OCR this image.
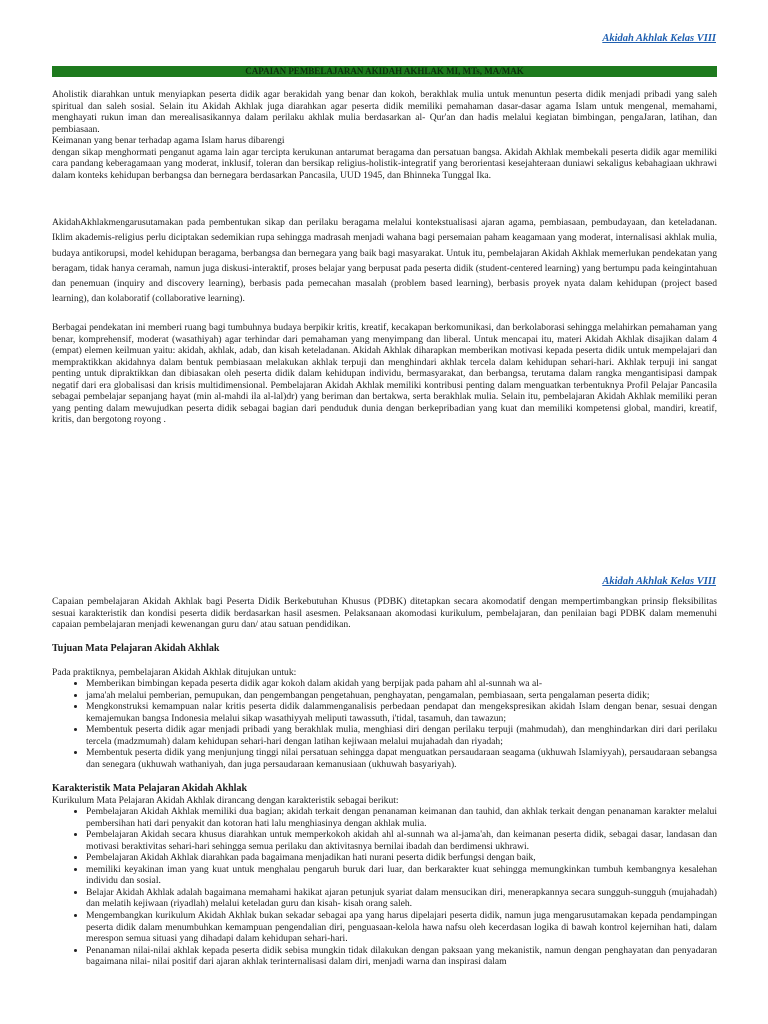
Akidah Akhlak Kelas VIII
CAPAIAN PEMBELAJARAN AKIDAH AKHLAK MI, MTs, MA/MAK

Aholistik diarahkan untuk menyiapkan peserta didik agar berakidah yang benar dan kokoh, berakhlak mulia untuk menuntun peserta didik menjadi pribadi yang saleh spiritual dan saleh sosial. Selain itu Akidah Akhlak juga diarahkan agar peserta didik memiliki pemahaman dasar-dasar agama Islam untuk mengenal, memahami, menghayati rukun iman dan merealisasikannya dalam perilaku akhlak mulia berdasarkan al- Qur'an dan hadis melalui kegiatan bimbingan, pengaJaran, latihan, dan pembiasaan.

Keimanan yang benar terhadap agama Islam harus dibarengi

dengan sikap menghormati penganut agama lain agar tercipta kerukunan antarumat beragama dan persatuan bangsa. Akidah Akhlak membekali peserta didik agar memiliki cara pandang keberagamaan yang moderat, inklusif, toleran dan bersikap religius-holistik-integratif yang berorientasi kesejahteraan duniawi sekaligus kebahagiaan ukhrawi dalam konteks kehidupan berbangsa dan bernegara berdasarkan Pancasila, UUD 1945, dan Bhinneka Tunggal Ika.

AkidahAkhlakmengarusutamakan pada pembentukan sikap dan perilaku beragama melalui kontekstualisasi ajaran agama, pembiasaan, pembudayaan, dan keteladanan. Iklim akademis-religius perlu diciptakan sedemikian rupa sehingga madrasah menjadi wahana bagi persemaian paham keagamaan yang moderat, internalisasi akhlak mulia, budaya antikorupsi, model kehidupan beragama, berbangsa dan bernegara yang baik bagi masyarakat. Untuk itu, pembelajaran Akidah Akhlak memerlukan pendekatan yang beragam, tidak hanya ceramah, namun juga diskusi-interaktif, proses belajar yang berpusat pada peserta didik (student-centered learning) yang bertumpu pada keingintahuan dan penemuan (inquiry and discovery learning), berbasis pada pemecahan masalah (problem based learning), berbasis proyek nyata dalam kehidupan (project based learning), dan kolaboratif (collaborative learning).

Berbagai pendekatan ini memberi ruang bagi tumbuhnya budaya berpikir kritis, kreatif, kecakapan berkomunikasi, dan berkolaborasi sehingga melahirkan pemahaman yang benar, komprehensif, moderat (wasathiyah) agar terhindar dari pemahaman yang menyimpang dan liberal. Untuk mencapai itu, materi Akidah Akhlak disajikan dalam 4 (empat) elemen keilmuan yaitu: akidah, akhlak, adab, dan kisah keteladanan. Akidah Akhlak diharapkan memberikan motivasi kepada peserta didik untuk mempelajari dan mempraktikkan akidahnya dalam bentuk pembiasaan melakukan akhlak terpuji dan menghindari akhlak tercela dalam kehidupan sehari-hari. Akhlak terpuji ini sangat penting untuk dipraktikkan dan dibiasakan oleh peserta didik dalam kehidupan individu, bermasyarakat, dan berbangsa, terutama dalam rangka mengantisipasi dampak negatif dari era globalisasi dan krisis multidimensional. Pembelajaran Akidah Akhlak memiliki kontribusi penting dalam menguatkan terbentuknya Profil Pelajar Pancasila sebagai pembelajar sepanjang hayat (min al-mahdi ila al-lal)dr) yang beriman dan bertakwa, serta berakhlak mulia. Selain itu, pembelajaran Akidah Akhlak memiliki peran yang penting dalam mewujudkan peserta didik sebagai bagian dari penduduk dunia dengan berkepribadian yang kuat dan memiliki kompetensi global, mandiri, kreatif, kritis, dan bergotong royong .

Akidah Akhlak Kelas VIII

Capaian pembelajaran Akidah Akhlak bagi Peserta Didik Berkebutuhan Khusus (PDBK) ditetapkan secara akomodatif dengan mempertimbangkan prinsip fleksibilitas sesuai karakteristik dan kondisi peserta didik berdasarkan hasil asesmen. Pelaksanaan akomodasi kurikulum, pembelajaran, dan penilaian bagi PDBK dalam memenuhi capaian pembelajaran menjadi kewenangan guru dan/ atau satuan pendidikan.

Tujuan Mata Pelajaran Akidah Akhlak

Pada praktiknya, pembelajaran Akidah Akhlak ditujukan untuk:

• Memberikan bimbingan kepada peserta didik agar kokoh dalam akidah yang berpijak pada paham ahl al-sunnah wa al-
• jama'ah melalui pemberian, pemupukan, dan pengembangan pengetahuan, penghayatan, pengamalan, pembiasaan, serta pengalaman peserta didik;
• Mengkonstruksi kemampuan nalar kritis peserta didik dalammenganalisis perbedaan pendapat dan mengekspresikan akidah Islam dengan benar, sesuai dengan kemajemukan bangsa Indonesia melalui sikap wasathiyyah meliputi tawassuth, i'tidal, tasamuh, dan tawazun;
• Membentuk peserta didik agar menjadi pribadi yang berakhlak mulia, menghiasi diri dengan perilaku terpuji (mahmudah), dan menghindarkan diri dari perilaku tercela (madzmumah) dalam kehidupan sehari-hari dengan latihan kejiwaan melalui mujahadah dan riyadah;
• Membentuk peserta didik yang menjunjung tinggi nilai persatuan sehingga dapat menguatkan persaudaraan seagama (ukhuwah Islamiyyah), persaudaraan sebangsa dan senegara (ukhuwah wathaniyah, dan juga persaudaraan kemanusiaan (ukhuwah basyariyah).

Karakteristik Mata Pelajaran Akidah Akhlak

Kurikulum Mata Pelajaran Akidah Akhlak dirancang dengan karakteristik sebagai berikut:

• Pembelajaran Akidah Akhlak memiliki dua bagian; akidah terkait dengan penanaman keimanan dan tauhid, dan akhlak terkait dengan penanaman karakter melalui pembersihan hati dari penyakit dan kotoran hati lalu menghiasinya dengan akhlak mulia.
• Pembelajaran Akidah secara khusus diarahkan untuk memperkokoh akidah ahl al-sunnah wa al-jama'ah, dan keimanan peserta didik, sebagai dasar, landasan dan motivasi beraktivitas sehari-hari sehingga semua perilaku dan aktivitasnya bernilai ibadah dan berdimensi ukhrawi.
• Pembelajaran Akidah Akhlak diarahkan pada bagaimana menjadikan hati nurani peserta didik berfungsi dengan baik,
• memiliki keyakinan iman yang kuat untuk menghalau pengaruh buruk dari luar, dan berkarakter kuat sehingga memungkinkan tumbuh kembangnya kesalehan individu dan sosial.
• Belajar Akidah Akhlak adalah bagaimana memahami hakikat ajaran petunjuk syariat dalam mensucikan diri, menerapkannya secara sungguh-sungguh (mujahadah) dan melatih kejiwaan (riyadlah) melalui keteladan guru dan kisah- kisah orang saleh.
• Mengembangkan kurikulum Akidah Akhlak bukan sekadar sebagai apa yang harus dipelajari peserta didik, namun juga mengarusutamakan kepada pendampingan peserta didik dalam menumbuhkan kemampuan pengendalian diri, penguasaan-kelola hawa nafsu oleh kecerdasan logika di bawah kontrol kejernihan hati, dalam merespon semua situasi yang dihadapi dalam kehidupan sehari-hari.
• Penanaman nilai-nilai akhlak kepada peserta didik sebisa mungkin tidak dilakukan dengan paksaan yang mekanistik, namun dengan penghayatan dan penyadaran bagaimana nilai- nilai positif dari ajaran akhlak terinternalisasi dalam diri, menjadi warna dan inspirasi dalam
